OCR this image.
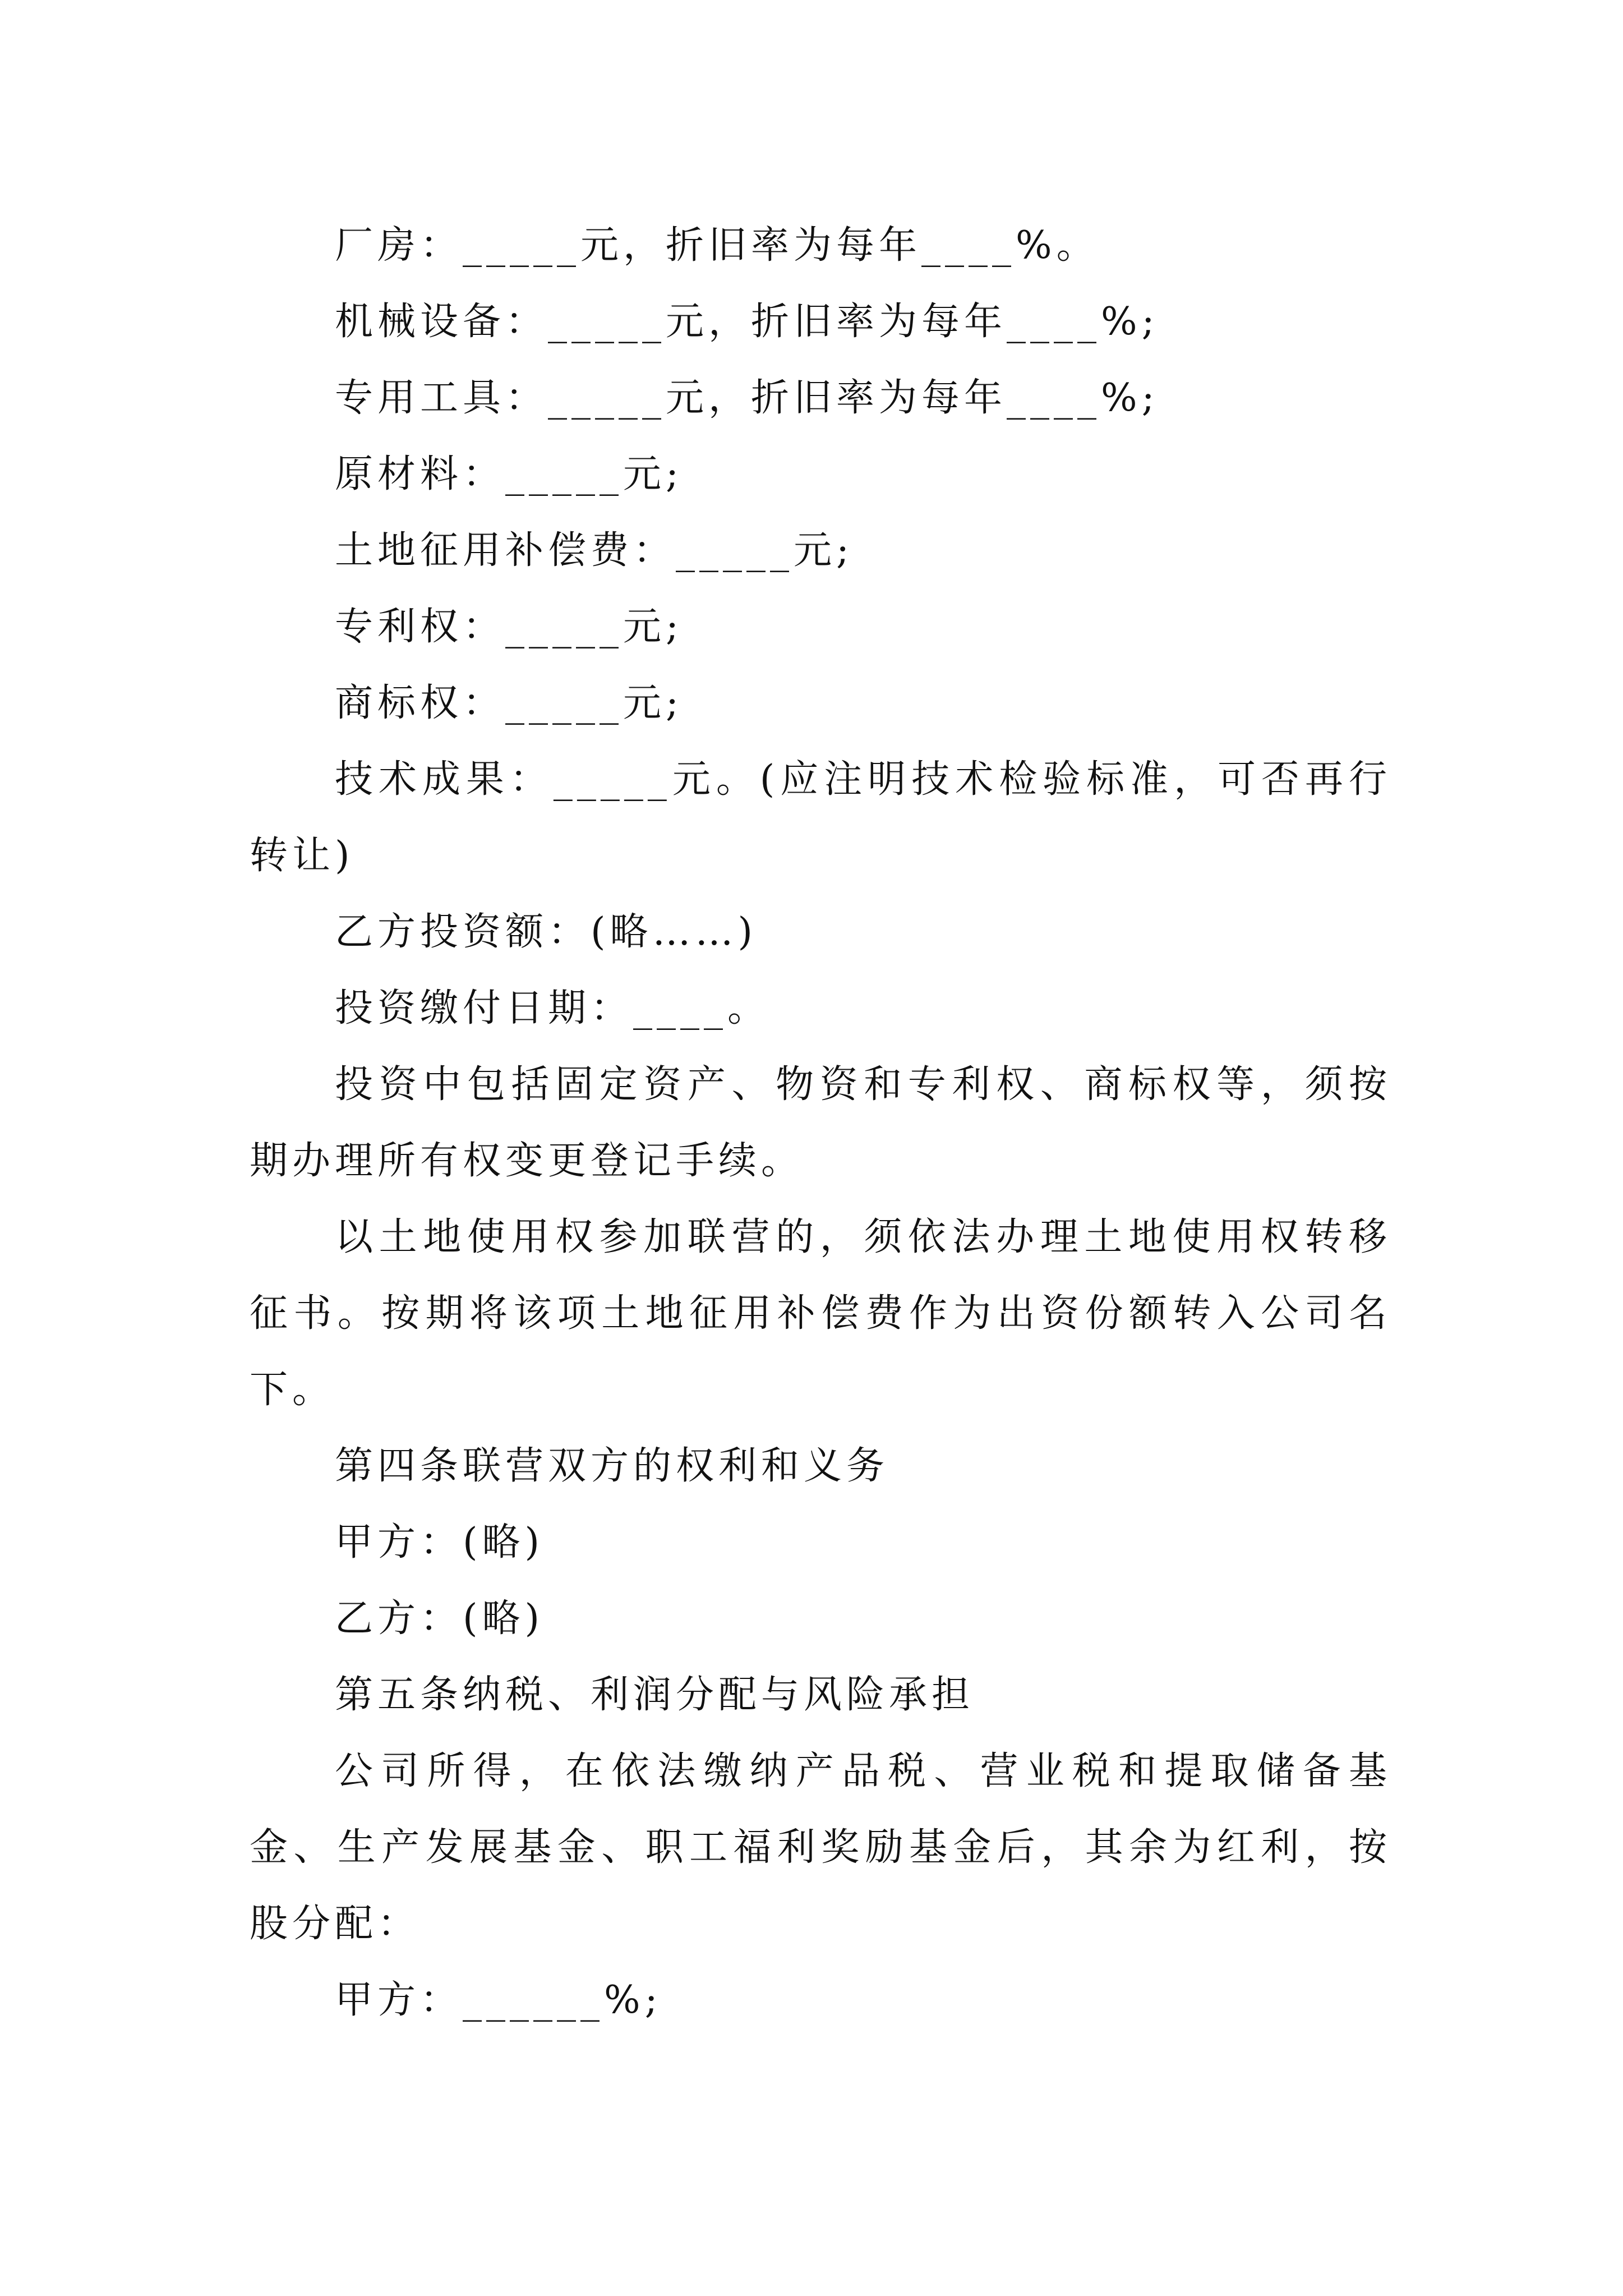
厂房：_____元，折旧率为每年____%。

机械设备：_____元，折旧率为每年____%;

专用工具：_____元，折旧率为每年____%;

原材料：_____元;

土地征用补偿费：_____元;

专利权：_____元;

商标权：_____元;

技术成果：_____元。(应注明技术检验标准，可否再行转让)

乙方投资额：(略……)

投资缴付日期：____。

投资中包括固定资产、物资和专利权、商标权等，须按期办理所有权变更登记手续。

以土地使用权参加联营的，须依法办理土地使用权转移征书。按期将该项土地征用补偿费作为出资份额转入公司名下。

第四条联营双方的权利和义务

甲方：(略)

乙方：(略)

第五条纳税、利润分配与风险承担

公司所得，在依法缴纳产品税、营业税和提取储备基金、生产发展基金、职工福利奖励基金后，其余为红利，按股分配：

甲方：______%;
